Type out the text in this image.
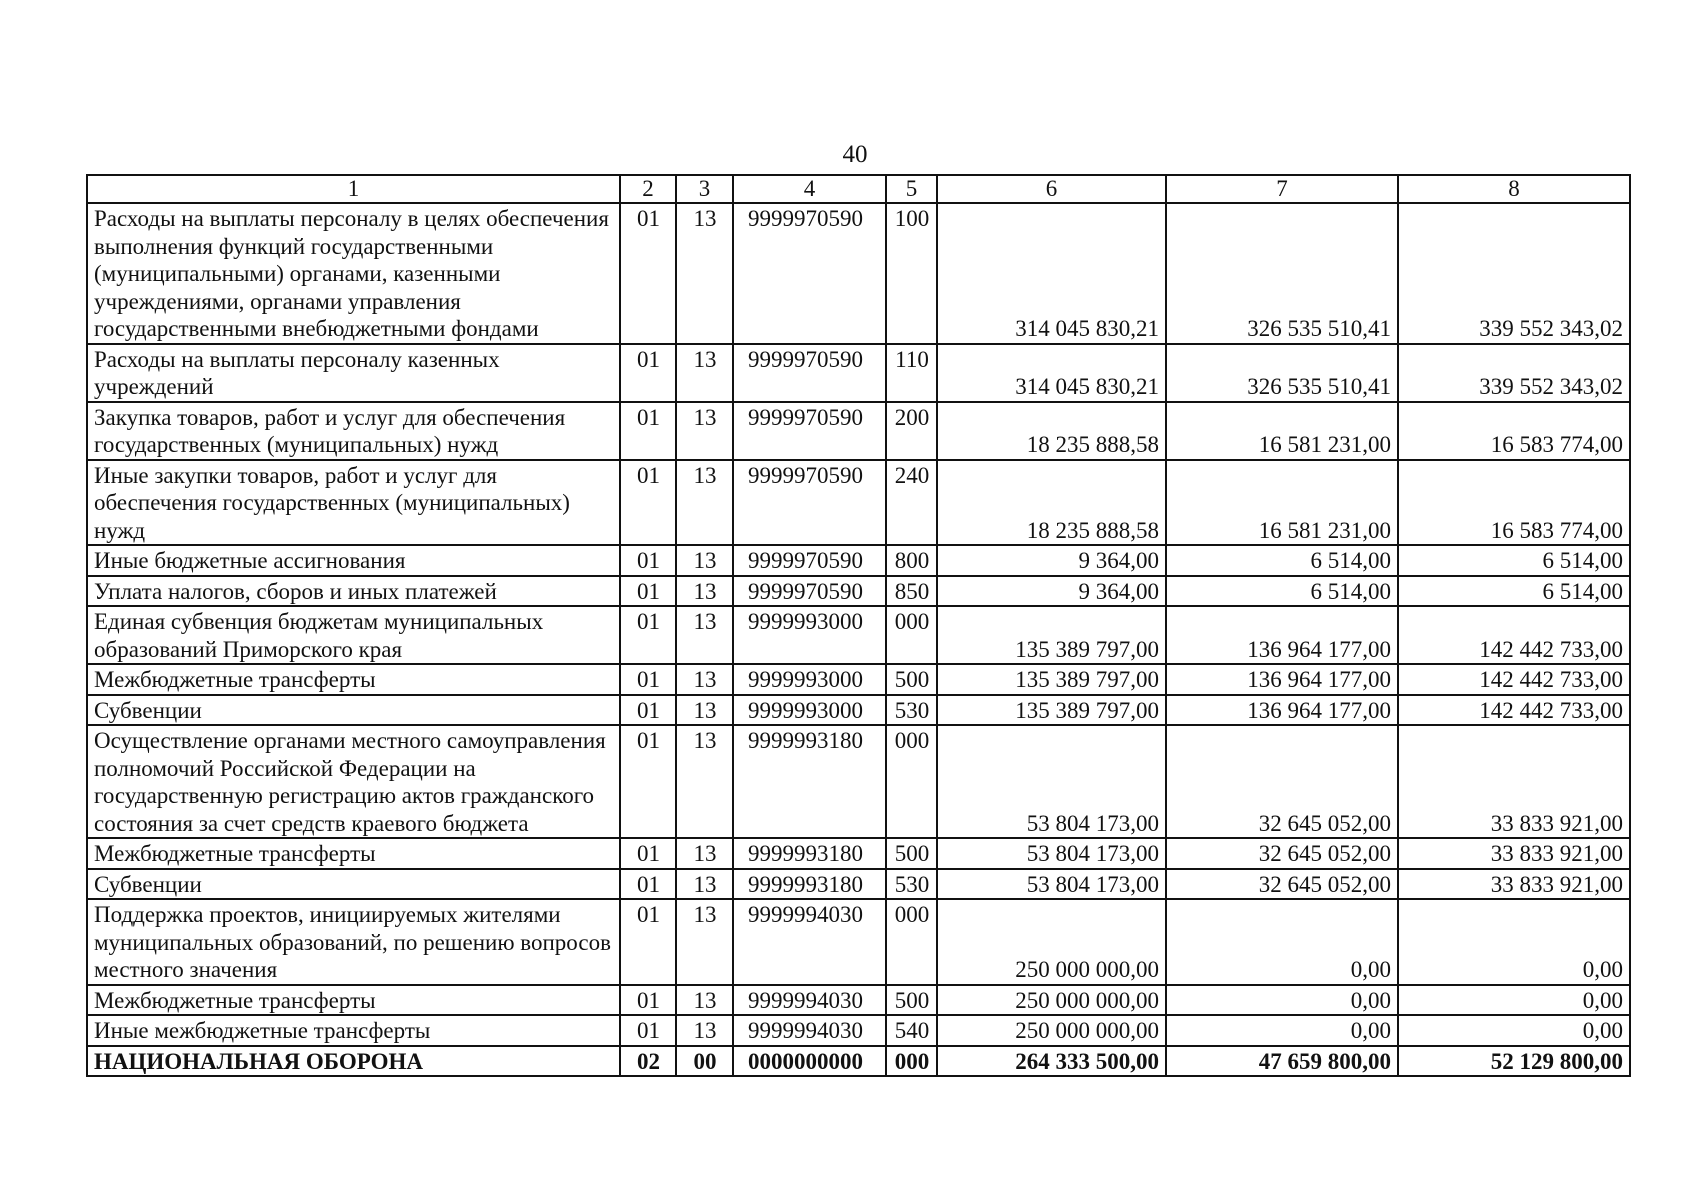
40
1	2	3	4	5	6	7	8
Расходы на выплаты персоналу в целях обеспечения выполнения функций государственными (муниципальными) органами, казенными учреждениями, органами управления государственными внебюджетными фондами	01	13	9999970590	100	314 045 830,21	326 535 510,41	339 552 343,02
Расходы на выплаты персоналу казенных учреждений	01	13	9999970590	110	314 045 830,21	326 535 510,41	339 552 343,02
Закупка товаров, работ и услуг для обеспечения государственных (муниципальных) нужд	01	13	9999970590	200	18 235 888,58	16 581 231,00	16 583 774,00
Иные закупки товаров, работ и услуг для обеспечения государственных (муниципальных) нужд	01	13	9999970590	240	18 235 888,58	16 581 231,00	16 583 774,00
Иные бюджетные ассигнования	01	13	9999970590	800	9 364,00	6 514,00	6 514,00
Уплата налогов, сборов и иных платежей	01	13	9999970590	850	9 364,00	6 514,00	6 514,00
Единая субвенция бюджетам муниципальных образований Приморского края	01	13	9999993000	000	135 389 797,00	136 964 177,00	142 442 733,00
Межбюджетные трансферты	01	13	9999993000	500	135 389 797,00	136 964 177,00	142 442 733,00
Субвенции	01	13	9999993000	530	135 389 797,00	136 964 177,00	142 442 733,00
Осуществление органами местного самоуправления полномочий Российской Федерации на государственную регистрацию актов гражданского состояния за счет средств краевого бюджета	01	13	9999993180	000	53 804 173,00	32 645 052,00	33 833 921,00
Межбюджетные трансферты	01	13	9999993180	500	53 804 173,00	32 645 052,00	33 833 921,00
Субвенции	01	13	9999993180	530	53 804 173,00	32 645 052,00	33 833 921,00
Поддержка проектов, инициируемых жителями муниципальных образований, по решению вопросов местного значения	01	13	9999994030	000	250 000 000,00	0,00	0,00
Межбюджетные трансферты	01	13	9999994030	500	250 000 000,00	0,00	0,00
Иные межбюджетные трансферты	01	13	9999994030	540	250 000 000,00	0,00	0,00
НАЦИОНАЛЬНАЯ ОБОРОНА	02	00	0000000000	000	264 333 500,00	47 659 800,00	52 129 800,00
